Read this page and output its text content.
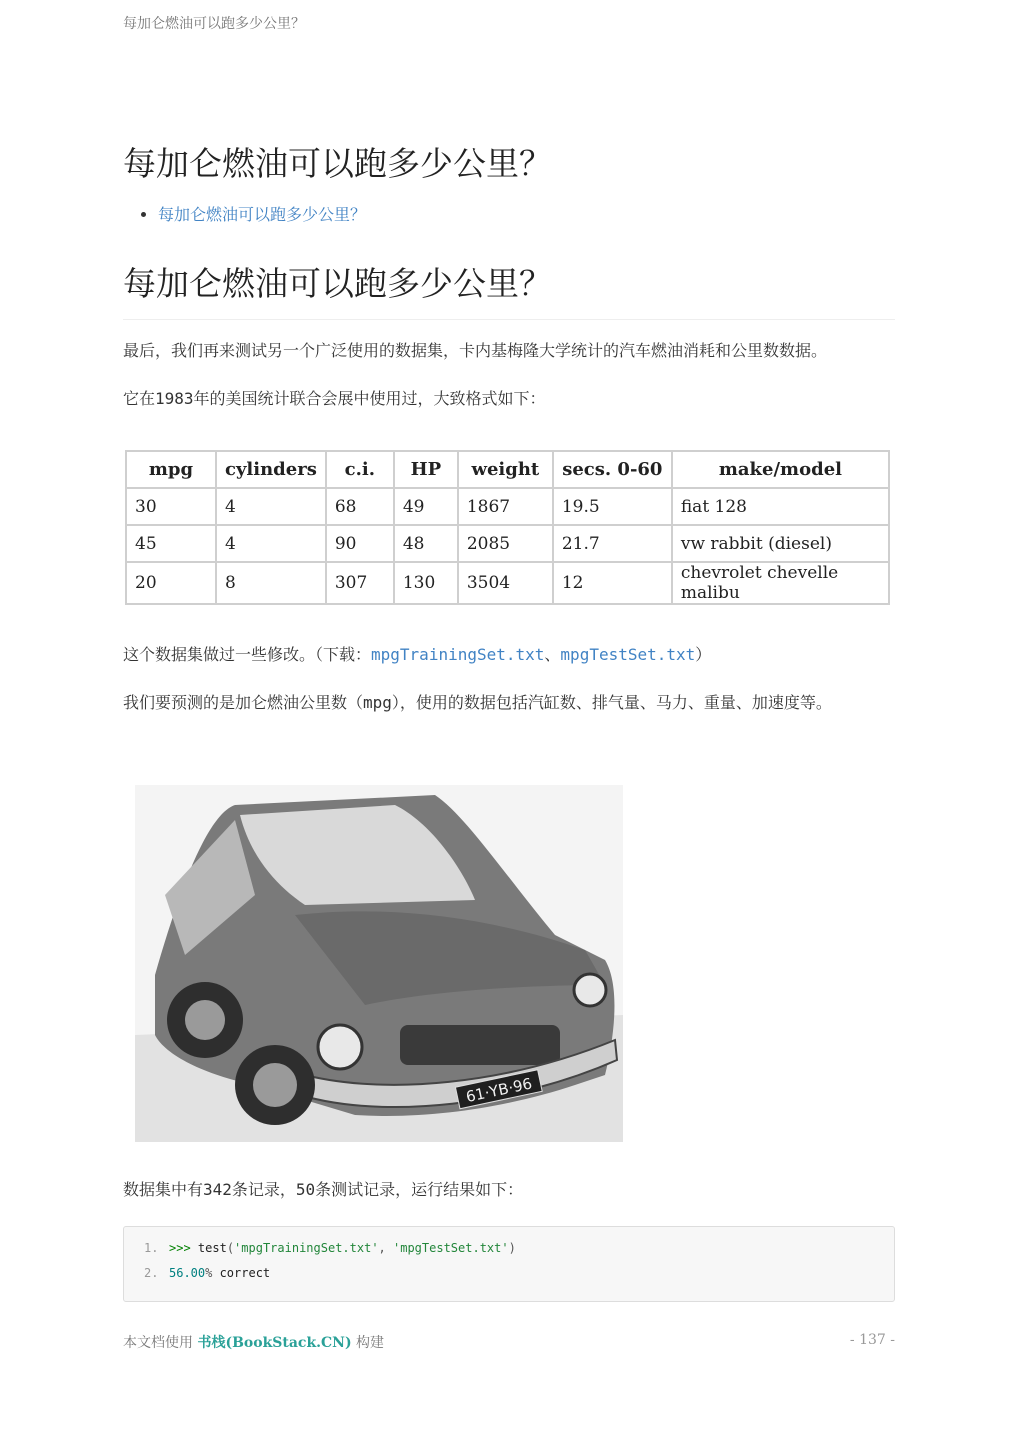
每加仑燃油可以跑多少公里？
每加仑燃油可以跑多少公里？
• 每加仑燃油可以跑多少公里？
每加仑燃油可以跑多少公里？

最后，我们再来测试另一个广泛使用的数据集，卡内基梅隆大学统计的汽车燃油消耗和公里数数据。

它在1983年的美国统计联合会展中使用过，大致格式如下：

mpg	cylinders	c.i.	HP	weight	secs. 0-60	make/model
30	4	68	49	1867	19.5	fiat 128
45	4	90	48	2085	21.7	vw rabbit (diesel)
20	8	307	130	3504	12	chevrolet chevelle malibu

这个数据集做过一些修改。（下载：mpgTrainingSet.txt、mpgTestSet.txt）

我们要预测的是加仑燃油公里数（mpg），使用的数据包括汽缸数、排气量、马力、重量、加速度等。

61·YB·96

数据集中有342条记录，50条测试记录，运行结果如下：

1. >>> test('mpgTrainingSet.txt', 'mpgTestSet.txt')
2. 56.00% correct
本文档使用 书栈(BookStack.CN) 构建	- 137 -
